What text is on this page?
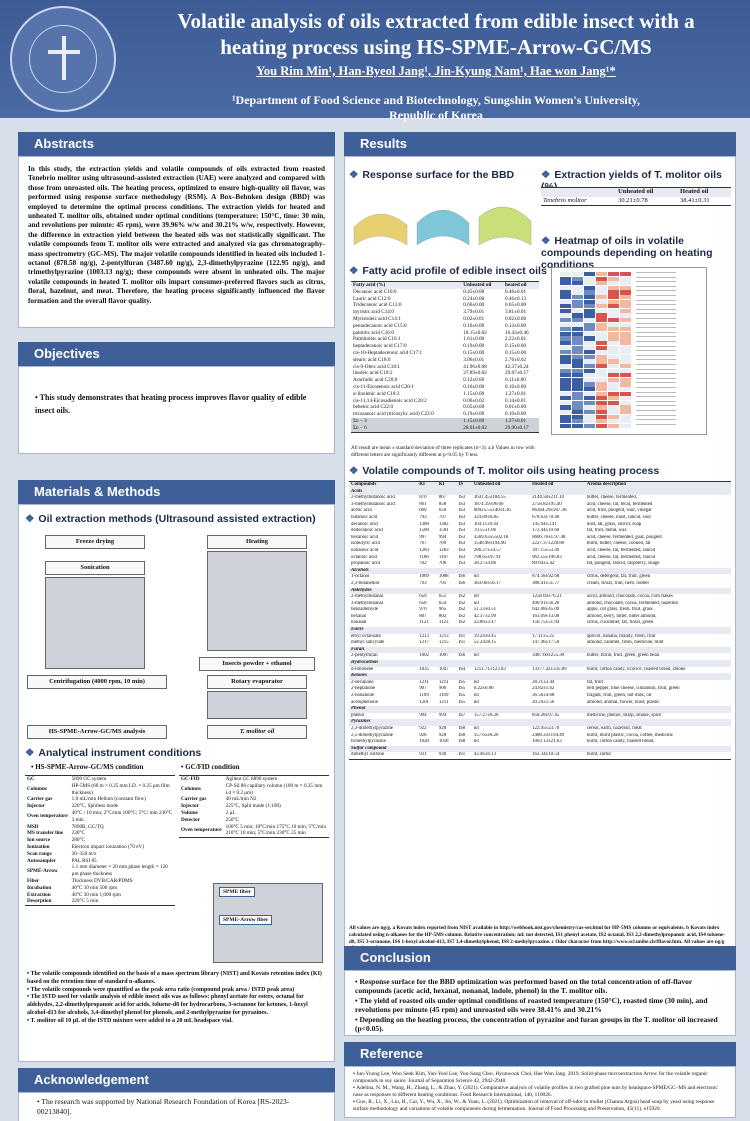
Volatile analysis of oils extracted from edible insect with a
heating process using HS-SPME-Arrow-GC/MS
You Rim Min¹, Han-Byeol Jang¹, Jin-Kyung Nam¹, Hae won Jang¹*
¹Department of Food Science and Biotechnology, Sungshin Women's University,
Republic of Korea
Abstracts
In this study, the extraction yields and volatile compounds of oils extracted from roasted Tenebrio molitor using ultrasound-assisted extraction (UAE) were analyzed and compared with those from unroasted oils. The heating process, optimized to ensure high-quality oil flavor, was performed using response surface methodology (RSM). A Box–Behnken design (BBD) was employed to determine the optimal process conditions. The extraction yields for heated and unheated T. molitor oils, obtained under optimal conditions (temperature: 150°C, time: 30 min, and revolutions per minute: 45 rpm), were 39.96% w/w and 30.21% w/w, respectively. However, the difference in extraction yield between the heated oils was not statistically significant. The volatile compounds from T. molitor oils were extracted and analyzed via gas chromatography-mass spectrometry (GC-MS). The major volatile compounds identified in heated oils included 1-octanol (878.58 ng/g), 2-pentylfuran (3487.60 ng/g), 2,3-dimethylpyrazine (122.95 ng/g), and trimethylpyrazine (1003.13 ng/g); these compounds were absent in unheated oils. The major volatile compounds in heated T. molitor oils impart consumer-preferred flavors such as citrus, floral, hazelnut, and meat. Therefore, the heating process significantly influenced the flavor formation and the overall flavor quality.
Objectives
• This study demonstrates that heating process improves flavor quality of edible insect oils.
Materials & Methods
❖ Oil extraction methods (Ultrasound assisted extraction)
Freeze drying	Heating
Sonication
Insects powder + ethanol
Centrifugation (4000 rpm, 10 min)	Rotary evaporator
HS-SPME-Arrow-GC/MS analysis	T. molitor oil
❖ Analytical instrument conditions
• HS-SPME-Arrow-GC/MS condition	• GC/FID condition
GC	5890 GC system
Columns	HP-5MS (60 m × 0.25 mm I.D. × 0.25 μm film thickness)
Carrier gas	1.0 mL/min Helium (constant flow)
Injector	220°C, Splitless mode
Oven temperature	40°C / 10 min; 2°C/min 100°C; 5°C/ min 230°C 3 min
MSD	7890B, GC/TQ
MS transfer line	230°C
Ion source	280°C
Ionization	Electron impact ionization (70 eV)
Scan range	30–350 m/z
Autosampler	PAL RSI 85
SPME-Arrow	1.1 mm diameter × 20 mm phase length × 120 μm phase thickness
Fiber	Thickness DVB/CAR/PDMS
Incubation	40°C 10 min 500 rpm
Extraction	40°C 30 min 1,000 rpm
Desorption	220°C 5 min
GC-FID	Agilent GC 8890 system
Columns	CP-Sil 88 capillary column (100 m × 0.25 mm i.d × 0.2 μm)
Carrier gas	40 mL/min N2
Injector	225°C, Split mode (1:100)
Volume	2 μL
Detector	250°C
Oven temperature	100°C 5 min; 10°C/min 175°C 10 min; 5°C/min 210°C 10 min; 5°C/min 230°C 25 min
SPME fiber
SPME-Arrow fiber
• The volatile compounds identified on the basis of a mass spectrum library (NIST) and Kovats retention index (KI) based on the retention time of standard n-alkanes.
• The volatile compounds were quantified as the peak area ratio (compound peak area / ISTD peak area)
• The ISTD used for volatile analysis of edible insect oils was as follows: phenyl acetate for esters, octanal for aldehydes, 2,2-dimethylpropanoic acid for acids, toluene-d8 for hydrocarbons, 3-octanone for ketones, 1-hexyl alcohol-d13 for alcohols, 3,4-dimethyl phenol for phenols, and 2-methylpyrazine for pyrazines.
• T. molitor oil 10 μL of the ISTD mixture were added to a 20 mL headspace vial.
Acknowledgement
• The research was supported by National Research Foundation of Korea [RS-2023-00213840].
Results
❖ Response surface for the BBD	❖ Extraction yields of T. molitor oils (%)
		Unheated oil	Heated oil
Tenebrio molitor	30.21±0.78	38.41±0.31
❖ Heatmap of oils in volatile compounds depending on heating conditions
❖ Fatty acid profile of edible insect oils
Fatty acid (%)	Unheated oil	heated oil
Decanoic acid C10:0	0.45±0.00	0.46±0.01
Lauric acid C12:0	0.24±0.00	0.46±0.13
Tridecanoic acid C13:0	0.66±0.00	0.65±0.00
myristic acid C14:0	3.79±0.01	3.81±0.01
Myristoleic acid C14:1	0.02±0.01	0.02±0.00
pentadecanoic acid C15:0	0.16±0.00	0.13±0.00
palmitic acid C16:0	18.15±0.02	16.43±0.46
Palmitoleic acid C16:1	1.61±0.00	2.22±0.01
heptadecanoic acid C17:0	0.19±0.00	0.15±0.00
cis-10-Heptadecenoic acid C17:1	0.15±0.00	0.15±0.00
stearic acid C18:0	3.06±0.01	2.76±0.02
cis-9-Oleic acid C18:1	41.96±0.08	42.37±0.24
linoleic acid C18:2	27.89±0.02	29.87±0.17
Arachidic acid C20:0	0.12±0.00	0.11±0.00
cis-11-Eicosenoic acid C20:1	0.16±0.00	0.16±0.00
α-linolenic acid C18:3	1.15±0.00	1.27±0.01
cis-11,14-Eicosadienoic acid C20:2	0.06±0.02	0.14±0.01
behenic acid C22:0	0.05±0.00	0.01±0.00
tricosanoic acid (tricosylic acid) C23:0	0.19±0.00	0.10±0.00
Σn − 3	1.15±0.00	1.27±0.01
Σn − 6	28.01±0.02	29.90±0.17
All result are mean ± standard deviation of three replicates (n=3). a,b Values in row with different letters are significantly different at p<0.05 by T-test.
❖ Volatile compounds of T. molitor oils using heating process
Compounds	KI	KI	IS	Unheated oil	Heated oil	Aroma description
Acids						
2-methylbutanoic acid	870	867	IS3	1631.45±184.55	2144.58±211.10	butter, cheese, fermented,
3-methylbutanoic acid	861	858	IS3	1874.19±96.66	2758.82±95.40	acid, cheese, fat, fecal, fermented
acetic acid	660	650	IS3	68925.55±4014.36	86384.29±947.38	acid, fruit, pungent, sour, vinegar
butanoic acid	793	797	IS3	324.89±8.85	678.63±70.40	butter, cheese, must, rancid, sour
decanoic acid	1380	1382	IS3	104.11±9.44	145.94±3.41	dust, fat, grass, rancid, soap
dodecanoic acid	1580	1581	IS3	70.55±1.06	172.44±19.60	fat, fruit, metal, wax
hexanoic acid	997	994	IS3	3569.63±5502.18	8606.78±1.97.48	acid, cheese, fermented, goat, pungent
isobutyric acid	767	769	IS3	1548.98±194.90	2227.37±228.86	burnt, butter, cheese, cooked, fat
nonanoic acid	1283	1283	IS3	286.27±±4.57	397.15±53.49	acid, cheese, fat, fermented, rancid
octanoic acid	1186	1187	IS3	798.65±97.91	962.55±106.83	acid, cheese, fat, fermented, rancid
propanoic acid	702	706	IS3	38.27±4.86	89.64±5.42	fat, pungent, rancid, raspberry, silage
Alcohols						
1-octanol	1089	1088	IS6	nd	874.58±92.68	citrus, detergent, fat, fruit, green
2,3-butanediol	793	795	IS6	383.00±56.17	388.41±51.77	cream, floral, fruit, herb, rubber
Aldehydes						
2-methylbutanal	659	651	IS2	nd	1258.69±76.21	acrid, almond, chocolate, cocoa, corn flakes
3-methylbutanal	658	654	IS2	nd	490.91±56.26	almond, chocolate, cocoa, fermented, hazelnut
benzaldehyde	970	965	IS2	51.33±0.51	642.08±45.09	apple, cut grass, fresh, fruit, grass
hexanal	807	802	IS2	42.37±2.99	163.09±13.00	almond, berry, bitter, bitter almond,
nonanal	1121	1123	IS2	33.86±3.47	156.75±51.94	citrus, cucumber, fat, floral, green
Esters						
ethyl octanoate	1213	1213	IS1	19.24±0.45	17.11±5.25	apricot, banana, brandy, fresh, fruit
methyl salicylate	1217	1215	IS1	52.24±8.15	147.46±17.50	almond, caramel, fresh, medicine, mint
Furan						
2-pentylfuran	1002	1007	IS6	nd	3487.60±255.30	butter, floral, fruit, green, green bean
Hydrocarbon						
d-limonene	1035	1047	IS4	1251.71±123.83	13377.42±335.89	burnt, cotton candy, licorice, roasted bread, smoke
Ketones						
2-decanone	1211	1211	IS5	nd	28.21±3.44	fat, fruit
2-heptanone	907	906	IS5	0.22±0.06	24.82±1.62	bell pepper, blue cheese, cinnamon, fruit, green
2-nonanone	1109	1109	IS5	nd	36.56±4.68	fragant, fruit, green, hot milk, oil
acetophenone	1201	1211	IS5	nd	20.24±1.56	almond, animal, flower, must, plastic
Phenol						
phenol	994	994	IS7	157.27±8.26	858.28±97.45	medicine, phenol, sharp, smoke, spice
Pyrazines						
2,3-dimethylpyrazine	922	928	IS8	nd	122.95±23.76	cereal, earth, hazelnut, meat
2,5-dimethylpyrazine	928	928	IS8	157.65±8.26	2488.33±194.49	burnt, burnt plastic, cocoa, coffee, medicine
trimethylpyrazine	1020	1018	IS8	nd	1003.13±21.63	burnt, cotton candy, roasted bread,
Sulfur compound						
dimethyl sulfone	931	938	IS1	43.46±6.13	162.34±10.54	burnt, sulfur
All values are ng/g. a Kovats index reported from NIST available in http://webbook.nist.gov/chemistry/cas-ser.html for HP-5MS columns or equivalents. b Kovats index calculated using n-alkanes for the HP-5MS column. Relative concentration; nd: not detected, IS1 phenyl acetate, IS2 octanal, IS3 2,2-dimethylpropanoic acid, IS4 toluene-d8, IS5 3-octanone, IS6 1-hexyl alcohol-d13, IS7 3,4-dimethylphenol, IS8 2-methylpyrazine. c Odor character from http://www.scl.unibe.ch/fflavor.htm. All values are ng/g
Conclusion
• Response surface for the BBD optimization was performed based on the total concentration of off-flavor compounds (acetic acid, hexanal, nonanal, indole, phenol) in the T. molitor oils.
• The yield of roasted oils under optimal conditions of roasted temperature (150°C), roasted time (30 min), and revolutions per minute (45 rpm) and unroasted oils were 38.41% and 30.21%
• Depending on the heating process, the concentration of pyrazine and furan groups in the T. molitor oil increased (p<0.05).
Reference
• Jun-Young Lee, Woo Seok Kim, Yun-Yeol Lee, Yun-Sang Choi, Hyunwook Choi, Hae Won Jang. 2019. Solid-phase microextraction Arrow for the volatile organic compounds in soy sauce. Journal of Separation Science 42, 2942-2948.
• Adelina, N. M., Wang, H., Zhang, L., & Zhao, Y. (2021). Comparative analysis of volatile profiles in two grafted pine nuts by headspace-SPME/GC–MS and electronic nose as responses to different heating conditions. Food Research International, 140, 110026.
• Guo, R., Li, X., Liu, H., Cai, Y., Wu, X., Jin, W., & Yuan, L. (2021). Optimization of removal of off-odor in mullet (Channa Argus) head soup by yeast using response surface methodology and variations of volatile components during fermentation. Journal of Food Processing and Preservation, 45(11), e15920.
